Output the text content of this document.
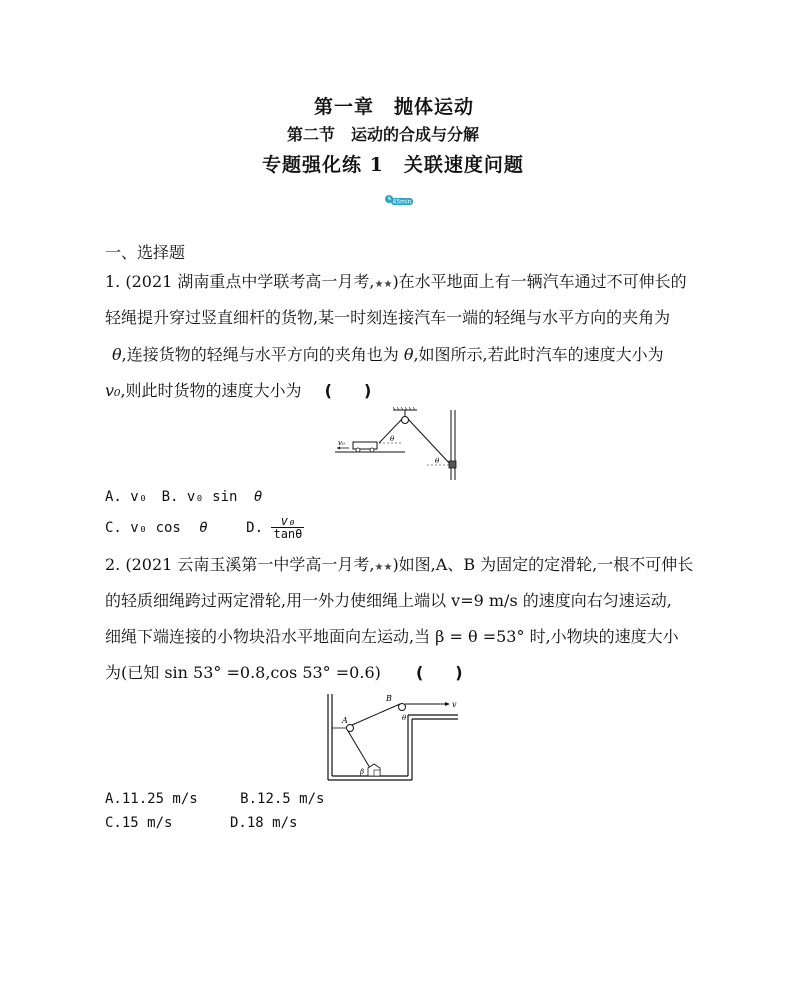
第一章　抛体运动
第二节　运动的合成与分解
专题强化练 1　关联速度问题
45min
一、选择题
1. (2021 湖南重点中学联考高一月考,★★)在水平地面上有一辆汽车通过不可伸长的
轻绳提升穿过竖直细杆的货物,某一时刻连接汽车一端的轻绳与水平方向的夹角为
θ,连接货物的轻绳与水平方向的夹角也为 θ,如图所示,若此时汽车的速度大小为
v₀,则此时货物的速度大小为 (　　)
v₀	θ
θ
A. v₀ B. v₀ sin θ
C. v₀ cos θ	D. $\frac{\text{v₀}}{\tan\theta}$
2. (2021 云南玉溪第一中学高一月考,★★)如图,A、B 为固定的定滑轮,一根不可伸长
的轻质细绳跨过两定滑轮,用一外力使细绳上端以 v=9 m/s 的速度向右匀速运动,
细绳下端连接的小物块沿水平地面向左运动,当 β = θ =53° 时,小物块的速度大小
为(已知 sin 53° =0.8,cos 53° =0.6) (　　)
A
B
v
θ
β
A.11.25 m/s	B.12.5 m/s
C.15 m/s	D.18 m/s
